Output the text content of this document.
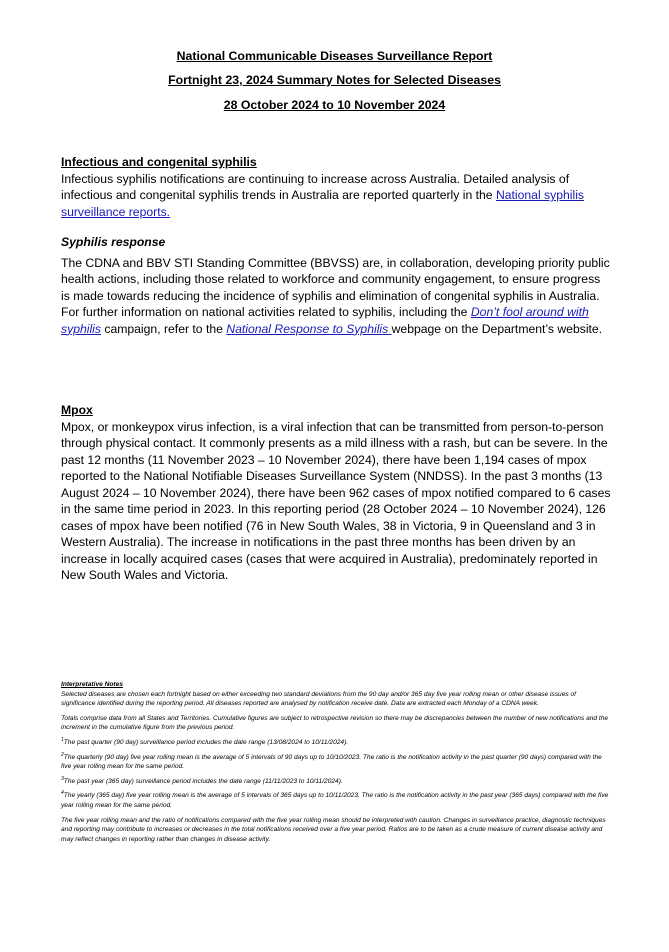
National Communicable Diseases Surveillance Report
Fortnight 23, 2024 Summary Notes for Selected Diseases
28 October 2024 to 10 November 2024

Infectious and congenital syphilis

Infectious syphilis notifications are continuing to increase across Australia. Detailed analysis of infectious and congenital syphilis trends in Australia are reported quarterly in the National syphilis surveillance reports.

Syphilis response

The CDNA and BBV STI Standing Committee (BBVSS) are, in collaboration, developing priority public health actions, including those related to workforce and community engagement, to ensure progress is made towards reducing the incidence of syphilis and elimination of congenital syphilis in Australia. For further information on national activities related to syphilis, including the Don’t fool around with syphilis campaign, refer to the National Response to Syphilis webpage on the Department’s website.

Mpox

Mpox, or monkeypox virus infection, is a viral infection that can be transmitted from person-to-person through physical contact. It commonly presents as a mild illness with a rash, but can be severe. In the past 12 months (11 November 2023 – 10 November 2024), there have been 1,194 cases of mpox reported to the National Notifiable Diseases Surveillance System (NNDSS). In the past 3 months (13 August 2024 – 10 November 2024), there have been 962 cases of mpox notified compared to 6 cases in the same time period in 2023. In this reporting period (28 October 2024 – 10 November 2024), 126 cases of mpox have been notified (76 in New South Wales, 38 in Victoria, 9 in Queensland and 3 in Western Australia). The increase in notifications in the past three months has been driven by an increase in locally acquired cases (cases that were acquired in Australia), predominately reported in New South Wales and Victoria.

Interpretative Notes

Selected diseases are chosen each fortnight based on either exceeding two standard deviations from the 90 day and/or 365 day five year rolling mean or other disease issues of significance identified during the reporting period. All diseases reported are analysed by notification receive date. Data are extracted each Monday of a CDNA week.

Totals comprise data from all States and Territories. Cumulative figures are subject to retrospective revision so there may be discrepancies between the number of new notifications and the increment in the cumulative figure from the previous period.

$^1$The past quarter (90 day) surveillance period includes the date range (13/08/2024 to 10/11/2024).

$^2$The quarterly (90 day) five year rolling mean is the average of 5 intervals of 90 days up to 10/10/2023. The ratio is the notification activity in the past quarter (90 days) compared with the five year rolling mean for the same period.

$^3$The past year (365 day) surveillance period includes the date range (11/11/2023 to 10/11/2024).

$^4$The yearly (365 day) five year rolling mean is the average of 5 intervals of 365 days up to 10/11/2023. The ratio is the notification activity in the past year (365 days) compared with the five year rolling mean for the same period.

The five year rolling mean and the ratio of notifications compared with the five year rolling mean should be interpreted with caution. Changes in surveillance practice, diagnostic techniques and reporting may contribute to increases or decreases in the total notifications received over a five year period. Ratios are to be taken as a crude measure of current disease activity and may reflect changes in reporting rather than changes in disease activity.
